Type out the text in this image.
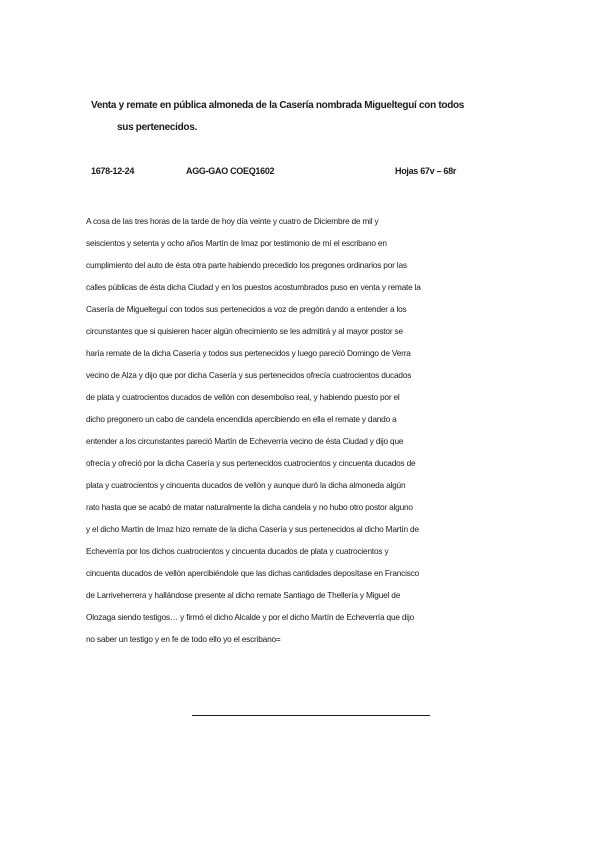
Venta y remate en pública almoneda de la Casería nombrada Miguelteguí con todos
sus pertenecidos.
1678-12-24	AGG-GAO COEQ1602	Hojas 67v – 68r
A cosa de las tres horas de la tarde de hoy día veinte y cuatro de Diciembre de mil y
seiscientos y setenta y ocho años Martín de Imaz por testimonio de mí el escribano en
cumplimiento del auto de ésta otra parte habiendo precedido los pregones ordinarios por las
calles públicas de ésta dicha Ciudad y en los puestos acostumbrados puso en venta y remate la
Casería de Miguelteguí con todos sus pertenecidos a voz de pregón dando a entender a los
circunstantes que si quisieren hacer algún ofrecimiento se les admitirá y al mayor postor se
haría remate de la dicha Casería y todos sus pertenecidos y luego pareció Domingo de Verra
vecino de Alza y dijo que por dicha Casería y sus pertenecidos ofrecía cuatrocientos ducados
de plata y cuatrocientos ducados de vellón con desembolso real, y habiendo puesto por el
dicho pregonero un cabo de candela encendida apercibiendo en ella el remate y dando a
entender a los circunstantes pareció Martín de Echeverría vecino de ésta Ciudad y dijo que
ofrecía y ofreció por la dicha Casería y sus pertenecidos cuatrocientos y cincuenta ducados de
plata y cuatrocientos y cincuenta ducados de vellón y aunque duró la dicha almoneda algún
rato hasta que se acabó de matar naturalmente la dicha candela y no hubo otro postor alguno
y el dicho Martín de Imaz hizo remate de la dicha Casería y sus pertenecidos al dicho Martín de
Echeverría por los dichos cuatrocientos y cincuenta ducados de plata y cuatrocientos y
cincuenta ducados de vellón apercibiéndole que las dichas cantidades deposítase en Francisco
de Larriveherrera y hallándose presente al dicho remate Santiago de Thellería y Miguel de
Olozaga siendo testigos… y firmó el dicho Alcalde y por el dicho Martín de Echeverría que dijo
no saber un testigo y en fe de todo ello yo el escribano=
